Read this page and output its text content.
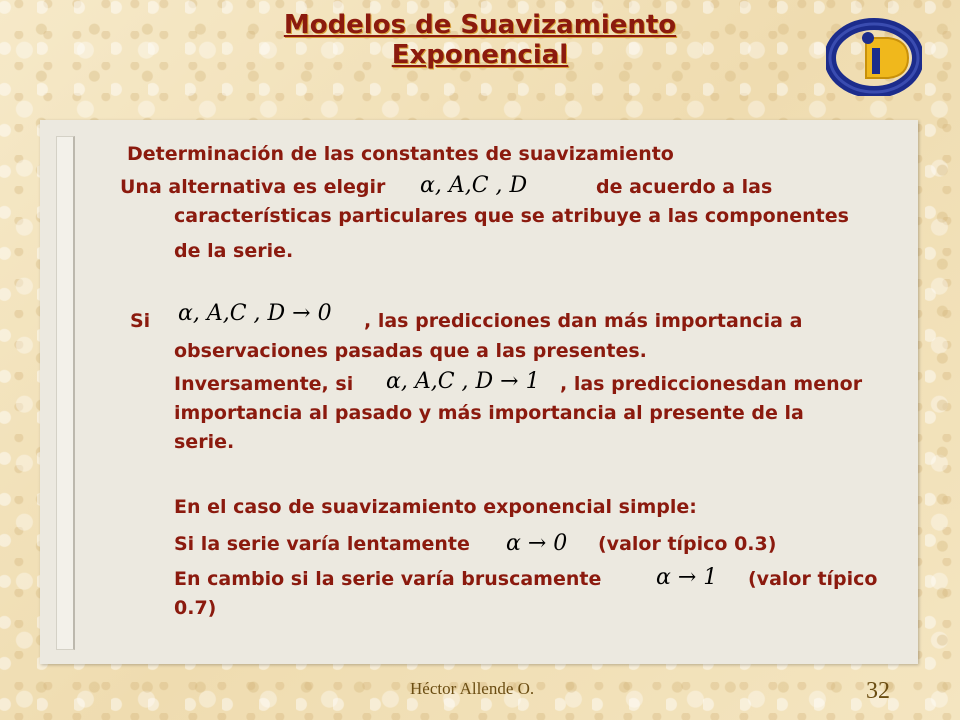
Modelos de Suavizamiento
Exponencial
Determinación de las constantes de suavizamiento
Una alternativa es elegir α, A,C , D	de acuerdo a las
características particulares que se atribuye a las componentes
de la serie.
Si α, A,C , D → 0 , las predicciones dan más importancia a
observaciones pasadas que a las presentes.
Inversamente, si α, A,C , D → 1 , las prediccionesdan menor
importancia al pasado y más importancia al presente de la
serie.
En el caso de suavizamiento exponencial simple:
Si la serie varía lentamente α → 0 (valor típico 0.3)
En cambio si la serie varía bruscamente α → 1 (valor típico
0.7)
Héctor Allende O.	32
